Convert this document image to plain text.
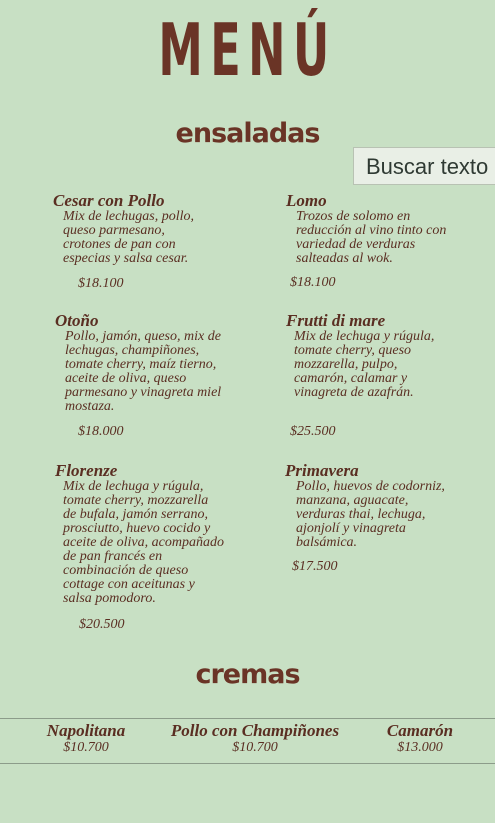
MENÚ
ensaladas
Buscar texto
Cesar con Pollo
Mix de lechugas, pollo,
queso parmesano,
crotones de pan con
especias y salsa cesar.
$18.100
Lomo
Trozos de solomo en
reducción al vino tinto con
variedad de verduras
salteadas al wok.
$18.100
Otoño
Pollo, jamón, queso, mix de
lechugas, champiñones,
tomate cherry, maíz tierno,
aceite de oliva, queso
parmesano y vinagreta miel
mostaza.
$18.000
Frutti di mare
Mix de lechuga y rúgula,
tomate cherry, queso
mozzarella, pulpo,
camarón, calamar y
vinagreta de azafrán.
$25.500
Florenze
Mix de lechuga y rúgula,
tomate cherry, mozzarella
de bufala, jamón serrano,
prosciutto, huevo cocido y
aceite de oliva, acompañado
de pan francés en
combinación de queso
cottage con aceitunas y
salsa pomodoro.
$20.500
Primavera
Pollo, huevos de codorniz,
manzana, aguacate,
verduras thai, lechuga,
ajonjolí y vinagreta
balsámica.
$17.500
cremas
Napolitana
$10.700
Pollo con Champiñones
$10.700
Camarón
$13.000
